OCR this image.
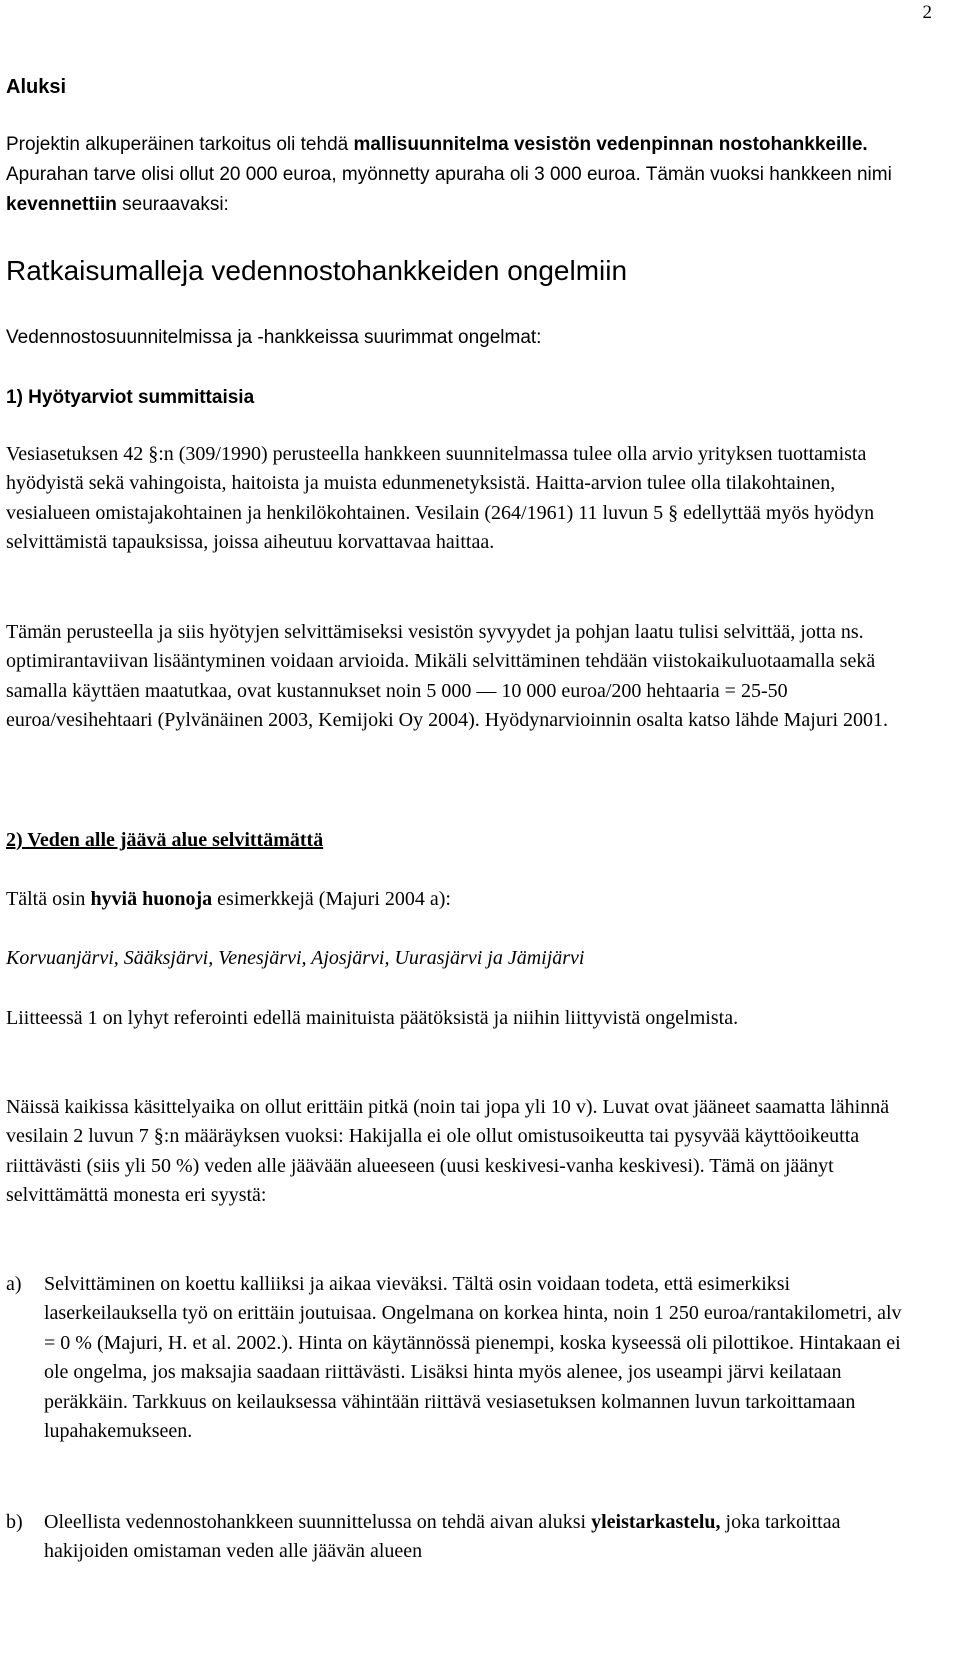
2
Aluksi
Projektin alkuperäinen tarkoitus oli tehdä mallisuunnitelma vesistön vedenpinnan nostohankkeille. Apurahan tarve olisi ollut 20 000 euroa, myönnetty apuraha oli 3 000 euroa. Tämän vuoksi hankkeen nimi kevennettiin seuraavaksi:
Ratkaisumalleja vedennostohankkeiden ongelmiin
Vedennostosuunnitelmissa ja -hankkeissa suurimmat ongelmat:
1) Hyötyarviot summittaisia
Vesiasetuksen 42 §:n (309/1990) perusteella hankkeen suunnitelmassa tulee olla arvio yrityksen tuottamista hyödyistä sekä vahingoista, haitoista ja muista edunmenetyksistä. Haitta-arvion tulee olla tilakohtainen, vesialueen omistajakohtainen ja henkilökohtainen. Vesilain (264/1961) 11 luvun 5 § edellyttää myös hyödyn selvittämistä tapauksissa, joissa aiheutuu korvattavaa haittaa.
Tämän perusteella ja siis hyötyjen selvittämiseksi vesistön syvyydet ja pohjan laatu tulisi selvittää, jotta ns. optimirantaviivan lisääntyminen voidaan arvioida. Mikäli selvittäminen tehdään viistokaikuluotaamalla sekä samalla käyttäen maatutkaa, ovat kustannukset noin 5 000 — 10 000 euroa/200 hehtaaria = 25-50 euroa/vesihehtaari (Pylvänäinen 2003, Kemijoki Oy 2004). Hyödynarvioinnin osalta katso lähde Majuri 2001.
2) Veden alle jäävä alue selvittämättä
Tältä osin hyviä huonoja esimerkkejä (Majuri 2004 a):
Korvuanjärvi, Sääksjärvi, Venesjärvi, Ajosjärvi, Uurasjärvi ja Jämijärvi
Liitteessä 1 on lyhyt referointi edellä mainituista päätöksistä ja niihin liittyvistä ongelmista.
Näissä kaikissa käsittelyaika on ollut erittäin pitkä (noin tai jopa yli 10 v). Luvat ovat jääneet saamatta lähinnä vesilain 2 luvun 7 §:n määräyksen vuoksi: Hakijalla ei ole ollut omistusoikeutta tai pysyvää käyttöoikeutta riittävästi (siis yli 50 %) veden alle jäävään alueeseen (uusi keskivesi-vanha keskivesi). Tämä on jäänyt selvittämättä monesta eri syystä:
a) Selvittäminen on koettu kalliiksi ja aikaa vieväksi. Tältä osin voidaan todeta, että esimerkiksi laserkeilauksella työ on erittäin joutuisaa. Ongelmana on korkea hinta, noin 1 250 euroa/rantakilometri, alv = 0 % (Majuri, H. et al. 2002.). Hinta on käytännössä pienempi, koska kyseessä oli pilottikoe. Hintakaan ei ole ongelma, jos maksajia saadaan riittävästi. Lisäksi hinta myös alenee, jos useampi järvi keilataan peräkkäin. Tarkkuus on keilauksessa vähintään riittävä vesiasetuksen kolmannen luvun tarkoittamaan lupahakemukseen.
b) Oleellista vedennostohankkeen suunnittelussa on tehdä aivan aluksi yleistarkastelu, joka tarkoittaa hakijoiden omistaman veden alle jäävän alueen
